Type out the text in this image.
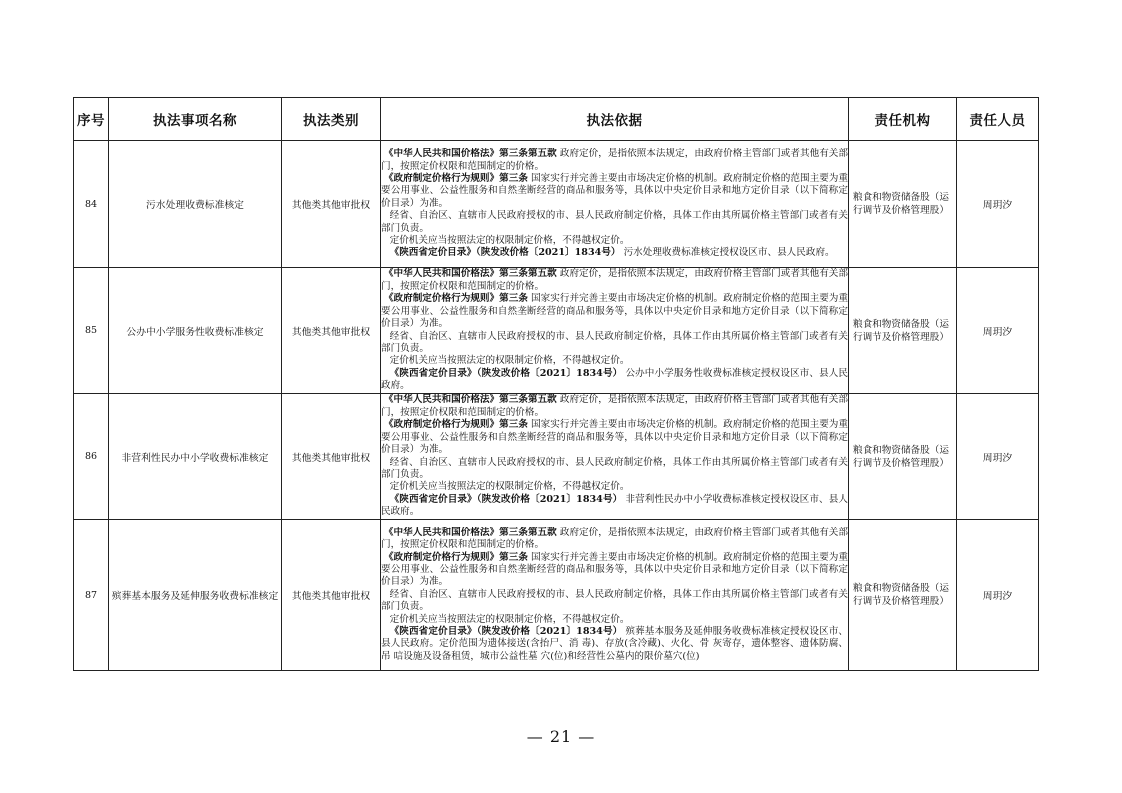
序号	执法事项名称	执法类别	执法依据	责任机构	责任人员
84	污水处理收费标准核定	其他类其他审批权	《中华人民共和国价格法》第三条第五款 政府定价，是指依照本法规定，由政府价格主管部门或者其他有关部门，按照定价权限和范围制定的价格。

《政府制定价格行为规则》第三条 国家实行并完善主要由市场决定价格的机制。政府制定价格的范围主要为重要公用事业、公益性服务和自然垄断经营的商品和服务等，具体以中央定价目录和地方定价目录（以下简称定价目录）为准。

经省、自治区、直辖市人民政府授权的市、县人民政府制定价格，具体工作由其所属价格主管部门或者有关部门负责。

定价机关应当按照法定的权限制定价格，不得越权定价。

《陕西省定价目录》（陕发改价格〔2021〕1834号） 污水处理收费标准核定授权设区市、县人民政府。	粮食和物资储备股（运行调节及价格管理股）	周玥汐
85	公办中小学服务性收费标准核定	其他类其他审批权	《中华人民共和国价格法》第三条第五款 政府定价，是指依照本法规定，由政府价格主管部门或者其他有关部门，按照定价权限和范围制定的价格。

《政府制定价格行为规则》第三条 国家实行并完善主要由市场决定价格的机制。政府制定价格的范围主要为重要公用事业、公益性服务和自然垄断经营的商品和服务等，具体以中央定价目录和地方定价目录（以下简称定价目录）为准。

经省、自治区、直辖市人民政府授权的市、县人民政府制定价格，具体工作由其所属价格主管部门或者有关部门负责。

定价机关应当按照法定的权限制定价格，不得越权定价。

《陕西省定价目录》（陕发改价格〔2021〕1834号） 公办中小学服务性收费标准核定授权设区市、县人民政府。	粮食和物资储备股（运行调节及价格管理股）	周玥汐
86	非营利性民办中小学收费标准核定	其他类其他审批权	《中华人民共和国价格法》第三条第五款 政府定价，是指依照本法规定，由政府价格主管部门或者其他有关部门，按照定价权限和范围制定的价格。

《政府制定价格行为规则》第三条 国家实行并完善主要由市场决定价格的机制。政府制定价格的范围主要为重要公用事业、公益性服务和自然垄断经营的商品和服务等，具体以中央定价目录和地方定价目录（以下简称定价目录）为准。

经省、自治区、直辖市人民政府授权的市、县人民政府制定价格，具体工作由其所属价格主管部门或者有关部门负责。

定价机关应当按照法定的权限制定价格，不得越权定价。

《陕西省定价目录》（陕发改价格〔2021〕1834号） 非营利性民办中小学收费标准核定授权设区市、县人民政府。	粮食和物资储备股（运行调节及价格管理股）	周玥汐
87	殡葬基本服务及延伸服务收费标准核定	其他类其他审批权	《中华人民共和国价格法》第三条第五款 政府定价，是指依照本法规定，由政府价格主管部门或者其他有关部门，按照定价权限和范围制定的价格。

《政府制定价格行为规则》第三条 国家实行并完善主要由市场决定价格的机制。政府制定价格的范围主要为重要公用事业、公益性服务和自然垄断经营的商品和服务等，具体以中央定价目录和地方定价目录（以下简称定价目录）为准。

经省、自治区、直辖市人民政府授权的市、县人民政府制定价格，具体工作由其所属价格主管部门或者有关部门负责。

定价机关应当按照法定的权限制定价格，不得越权定价。

《陕西省定价目录》（陕发改价格〔2021〕1834号） 殡葬基本服务及延伸服务收费标准核定授权设区市、县人民政府。定价范围为遗体接送(含抬尸、消 毒)、存放(含冷藏)、火化、骨 灰寄存，遗体整容、遗体防腐、吊 唁设施及设备租赁，城市公益性墓 穴(位)和经营性公墓内的限价墓穴(位)	粮食和物资储备股（运行调节及价格管理股）	周玥汐
— 21 —
